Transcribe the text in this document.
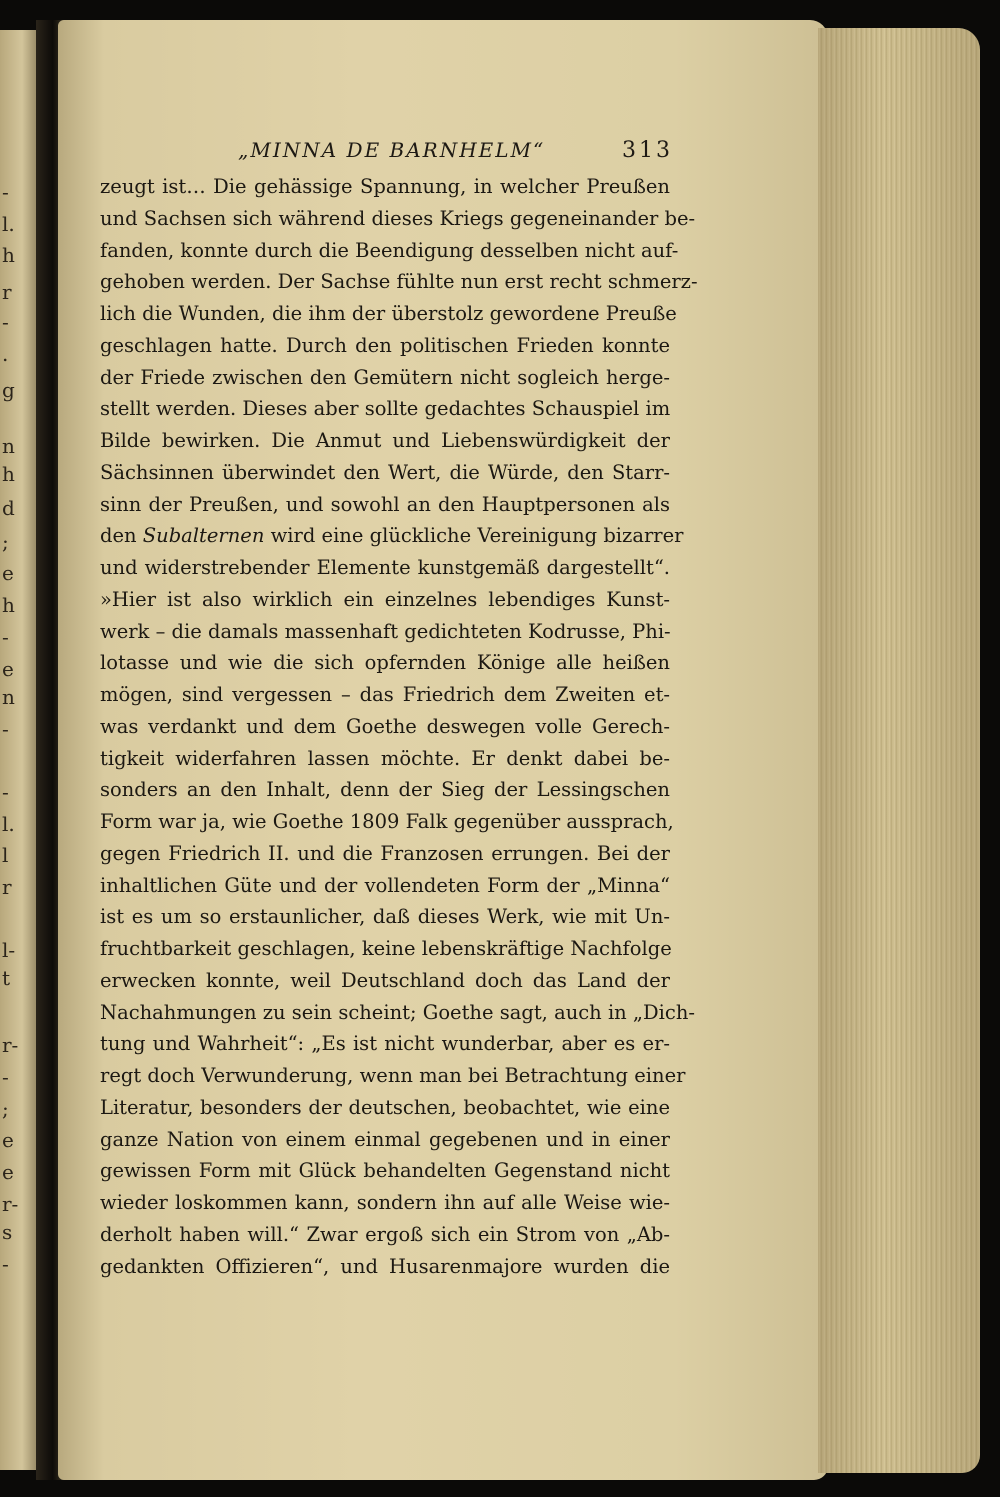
-
l.
h
r
-
.
g
n
h
d
;
e
h
-
e
n
-
-
l.
l
r
l-
t
r-
-
;
e
e
r-
s
-
„MINNA DE BARNHELM“	313
zeugt ist… Die gehässige Spannung, in welcher Preußen
und Sachsen sich während dieses Kriegs gegeneinander be-
fanden, konnte durch die Beendigung desselben nicht auf-
gehoben werden. Der Sachse fühlte nun erst recht schmerz-
lich die Wunden, die ihm der überstolz gewordene Preuße
geschlagen hatte. Durch den politischen Frieden konnte
der Friede zwischen den Gemütern nicht sogleich herge-
stellt werden. Dieses aber sollte gedachtes Schauspiel im
Bilde bewirken. Die Anmut und Liebenswürdigkeit der
Sächsinnen überwindet den Wert, die Würde, den Starr-
sinn der Preußen, und sowohl an den Hauptpersonen als
den Subalternen wird eine glückliche Vereinigung bizarrer
und widerstrebender Elemente kunstgemäß dargestellt“.
»Hier ist also wirklich ein einzelnes lebendiges Kunst-
werk – die damals massenhaft gedichteten Kodrusse, Phi-
lotasse und wie die sich opfernden Könige alle heißen
mögen, sind vergessen – das Friedrich dem Zweiten et-
was verdankt und dem Goethe deswegen volle Gerech-
tigkeit widerfahren lassen möchte. Er denkt dabei be-
sonders an den Inhalt, denn der Sieg der Lessingschen
Form war ja, wie Goethe 1809 Falk gegenüber aussprach,
gegen Friedrich II. und die Franzosen errungen. Bei der
inhaltlichen Güte und der vollendeten Form der „Minna“
ist es um so erstaunlicher, daß dieses Werk, wie mit Un-
fruchtbarkeit geschlagen, keine lebenskräftige Nachfolge
erwecken konnte, weil Deutschland doch das Land der
Nachahmungen zu sein scheint; Goethe sagt, auch in „Dich-
tung und Wahrheit“: „Es ist nicht wunderbar, aber es er-
regt doch Verwunderung, wenn man bei Betrachtung einer
Literatur, besonders der deutschen, beobachtet, wie eine
ganze Nation von einem einmal gegebenen und in einer
gewissen Form mit Glück behandelten Gegenstand nicht
wieder loskommen kann, sondern ihn auf alle Weise wie-
derholt haben will.“ Zwar ergoß sich ein Strom von „Ab-
gedankten Offizieren“, und Husarenmajore wurden die
